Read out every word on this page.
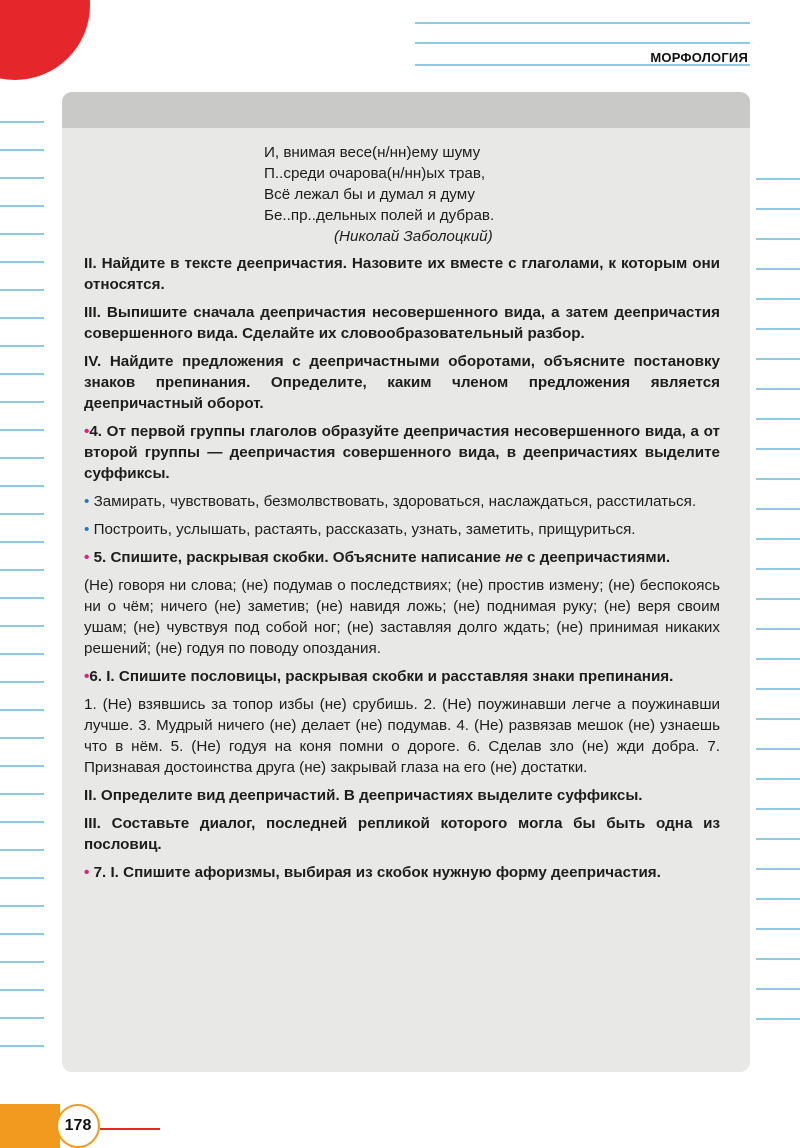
МОРФОЛОГИЯ
И, внимая весе(н/нн)ему шуму
П..среди очарова(н/нн)ых трав,
Всё лежал бы и думал я думу
Бе..пр..дельных полей и дубрав.
(Николай Заболоцкий)

II. Найдите в тексте деепричастия. Назовите их вместе с глаголами, к которым они относятся.

III. Выпишите сначала деепричастия несовершенного вида, а затем деепричастия совершенного вида. Сделайте их словообразовательный разбор.

IV. Найдите предложения с деепричастными оборотами, объясните постановку знаков препинания. Определите, каким членом предложения является деепричастный оборот.

•4. От первой группы глаголов образуйте деепричастия несовершенного вида, а от второй группы — деепричастия совершенного вида, в деепричастиях выделите суффиксы.

• Замирать, чувствовать, безмолвствовать, здороваться, наслаждаться, расстилаться.

• Построить, услышать, растаять, рассказать, узнать, заметить, прищуриться.

• 5. Спишите, раскрывая скобки. Объясните написание не с деепричастиями.

(Не) говоря ни слова; (не) подумав о последствиях; (не) простив измену; (не) беспокоясь ни о чём; ничего (не) заметив; (не) навидя ложь; (не) поднимая руку; (не) веря своим ушам; (не) чувствуя под собой ног; (не) заставляя долго ждать; (не) принимая никаких решений; (не) годуя по поводу опоздания.

•6. I. Спишите пословицы, раскрывая скобки и расставляя знаки препинания.

1. (Не) взявшись за топор избы (не) срубишь. 2. (Не) поужинавши легче а поужинавши лучше. 3. Мудрый ничего (не) делает (не) подумав. 4. (Не) развязав мешок (не) узнаешь что в нём. 5. (Не) годуя на коня помни о дороге. 6. Сделав зло (не) жди добра. 7. Признавая достоинства друга (не) закрывай глаза на его (не) достатки.

II. Определите вид деепричастий. В деепричастиях выделите суффиксы.

III. Составьте диалог, последней репликой которого могла бы быть одна из пословиц.

• 7. I. Спишите афоризмы, выбирая из скобок нужную форму деепричастия.

178
